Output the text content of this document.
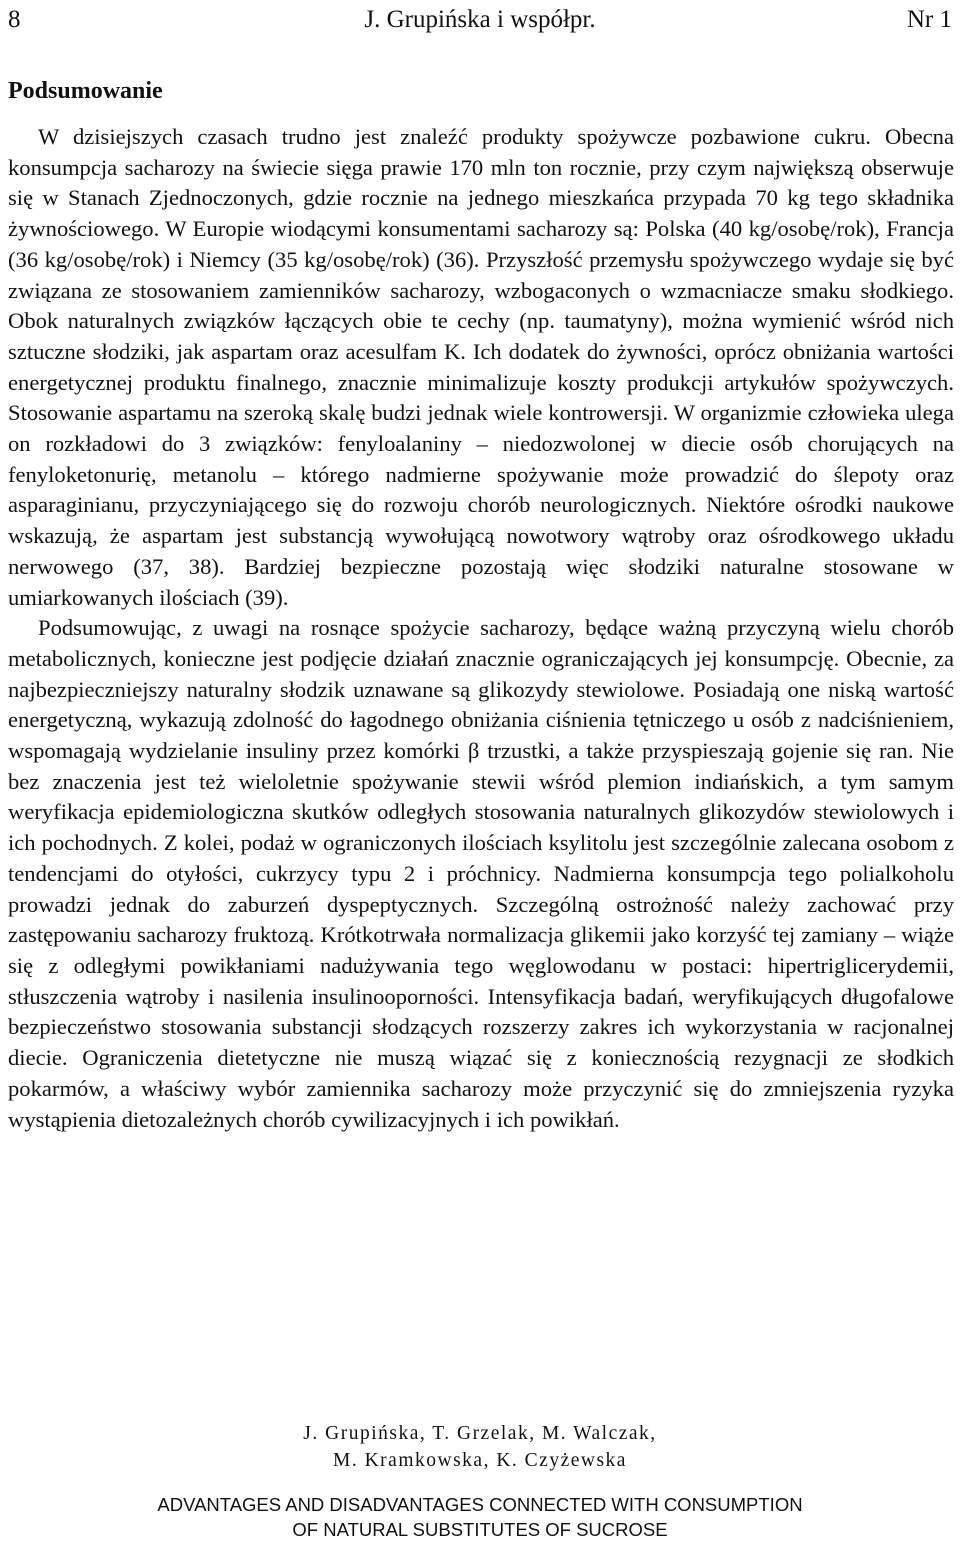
8	J. Grupińska i współpr.	Nr 1
Podsumowanie

W dzisiejszych czasach trudno jest znaleźć produkty spożywcze pozbawione cukru. Obecna konsumpcja sacharozy na świecie sięga prawie 170 mln ton rocznie, przy czym największą obserwuje się w Stanach Zjednoczonych, gdzie rocznie na jednego mieszkańca przypada 70 kg tego składnika żywnościowego. W Europie wiodącymi konsumentami sacharozy są: Polska (40 kg/osobę/rok), Francja (36 kg/osobę/rok) i Niemcy (35 kg/osobę/rok) (36). Przyszłość przemysłu spożywczego wydaje się być związana ze stosowaniem zamienników sacharozy, wzbogaconych o wzmacniacze smaku słodkiego. Obok naturalnych związków łączących obie te cechy (np. taumatyny), można wymienić wśród nich sztuczne słodziki, jak aspartam oraz acesulfam K. Ich dodatek do żywności, oprócz obniżania wartości energetycznej produktu finalnego, znacznie minimalizuje koszty produkcji artykułów spożywczych. Stosowanie aspartamu na szeroką skalę budzi jednak wiele kontrowersji. W organizmie człowieka ulega on rozkładowi do 3 związków: fenyloalaniny – niedozwolonej w diecie osób chorujących na fenyloketonurię, metanolu – którego nadmierne spożywanie może prowadzić do ślepoty oraz asparaginianu, przyczyniającego się do rozwoju chorób neurologicznych. Niektóre ośrodki naukowe wskazują, że aspartam jest substancją wywołującą nowotwory wątroby oraz ośrodkowego układu nerwowego (37, 38). Bardziej bezpieczne pozostają więc słodziki naturalne stosowane w umiarkowanych ilościach (39).

Podsumowując, z uwagi na rosnące spożycie sacharozy, będące ważną przyczyną wielu chorób metabolicznych, konieczne jest podjęcie działań znacznie ograniczających jej konsumpcję. Obecnie, za najbezpieczniejszy naturalny słodzik uznawane są glikozydy stewiolowe. Posiadają one niską wartość energetyczną, wykazują zdolność do łagodnego obniżania ciśnienia tętniczego u osób z nadciśnieniem, wspomagają wydzielanie insuliny przez komórki β trzustki, a także przyspieszają gojenie się ran. Nie bez znaczenia jest też wieloletnie spożywanie stewii wśród plemion indiańskich, a tym samym weryfikacja epidemiologiczna skutków odległych stosowania naturalnych glikozydów stewiolowych i ich pochodnych. Z kolei, podaż w ograniczonych ilościach ksylitolu jest szczególnie zalecana osobom z tendencjami do otyłości, cukrzycy typu 2 i próchnicy. Nadmierna konsumpcja tego polialkoholu prowadzi jednak do zaburzeń dyspeptycznych. Szczególną ostrożność należy zachować przy zastępowaniu sacharozy fruktozą. Krótkotrwała normalizacja glikemii jako korzyść tej zamiany – wiąże się z odległymi powikłaniami nadużywania tego węglowodanu w postaci: hipertriglicerydemii, stłuszczenia wątroby i nasilenia insulinooporności. Intensyfikacja badań, weryfikujących długofalowe bezpieczeństwo stosowania substancji słodzących rozszerzy zakres ich wykorzystania w racjonalnej diecie. Ograniczenia dietetyczne nie muszą wiązać się z koniecznością rezygnacji ze słodkich pokarmów, a właściwy wybór zamiennika sacharozy może przyczynić się do zmniejszenia ryzyka wystąpienia dietozależnych chorób cywilizacyjnych i ich powikłań.

J. Grupińska, T. Grzelak, M. Walczak,
M. Kramkowska, K. Czyżewska
ADVANTAGES AND DISADVANTAGES CONNECTED WITH CONSUMPTION
OF NATURAL SUBSTITUTES OF SUCROSE
